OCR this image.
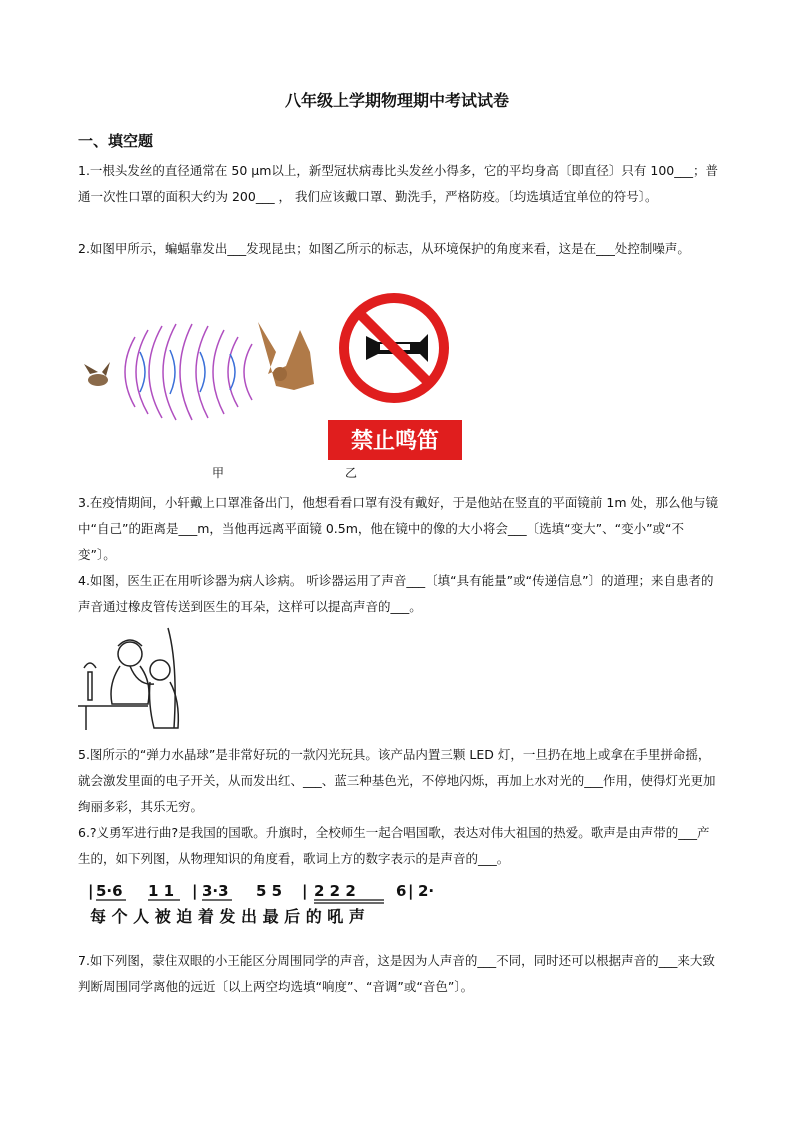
八年级上学期物理期中考试试卷
一、填空题
1.一根头发丝的直径通常在 50 μm以上，新型冠状病毒比头发丝小得多，它的平均身高〔即直径〕只有 100___；普通一次性口罩的面积大约为 200___ ， 我们应该戴口罩、勤洗手，严格防疫。〔均选填适宜单位的符号〕。
2.如图甲所示，蝙蝠靠发出___发现昆虫；如图乙所示的标志，从环境保护的角度来看，这是在___处控制噪声。
禁止鸣笛
甲	乙
3.在疫情期间，小轩戴上口罩准备出门，他想看看口罩有没有戴好，于是他站在竖直的平面镜前 1m 处，那么他与镜中“自己”的距离是___m，当他再远离平面镜 0.5m，他在镜中的像的大小将会___〔选填“变大”、“变小”或“不变”〕。
4.如图，医生正在用听诊器为病人诊病。 听诊器运用了声音___〔填“具有能量”或“传递信息”〕的道理；来自患者的声音通过橡皮管传送到医生的耳朵，这样可以提高声音的___。
5.图所示的“弹力水晶球”是非常好玩的一款闪光玩具。该产品内置三颗 LED 灯，一旦扔在地上或拿在手里拼命摇，就会激发里面的电子开关，从而发出红、___、蓝三种基色光，不停地闪烁，再加上水对光的___作用，使得灯光更加绚丽多彩，其乐无穷。
6.?义勇军进行曲?是我国的国歌。升旗时，全校师生一起合唱国歌，表达对伟大祖国的热爱。歌声是由声带的___产生的，如下列图，从物理知识的角度看，歌词上方的数字表示的是声音的___。
| 5·6 1 1 | 3·3 5 5 | 2 2 2	6 | 2·
每 个 人 被 迫 着 发 出 最 后 的 吼 声
7.如下列图，蒙住双眼的小王能区分周围同学的声音，这是因为人声音的___不同，同时还可以根据声音的___来大致判断周围同学离他的远近〔以上两空均选填“响度”、“音调”或“音色”〕。
